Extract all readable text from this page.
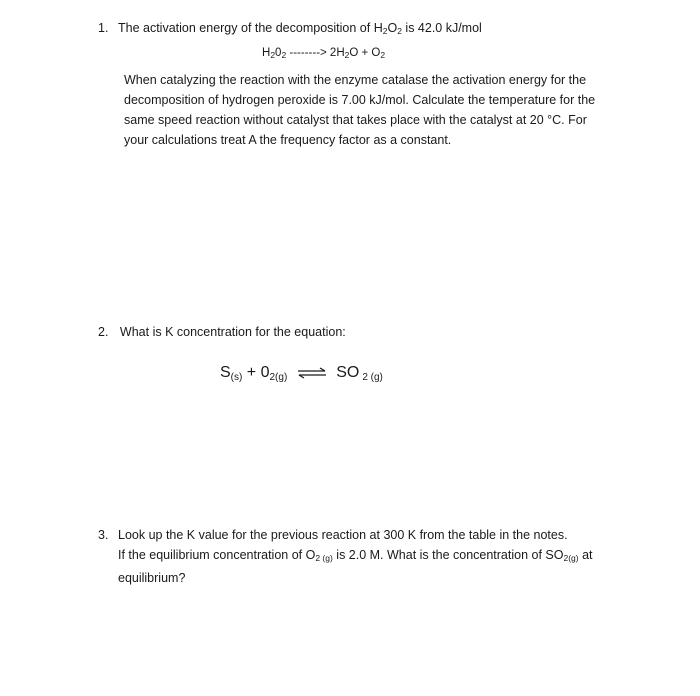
1. The activation energy of the decomposition of $H_2O_2$ is 42.0 kJ/mol
$H_20_2$ --------> $2H_2O + O_2$
When catalyzing the reaction with the enzyme catalase the activation energy for the
decomposition of hydrogen peroxide is 7.00 kJ/mol. Calculate the temperature for the
same speed reaction without catalyst that takes place with the catalyst at 20 °C. For
your calculations treat A the frequency factor as a constant.
2. What is K concentration for the equation:
S(s) + 02(g) ⇌ SO 2 (g)
3. Look up the K value for the previous reaction at 300 K from the table in the notes.
If the equilibrium concentration of $O_{2 (g)}$ is 2.0 M. What is the concentration of $SO_{2(g)}$ at
equilibrium?
